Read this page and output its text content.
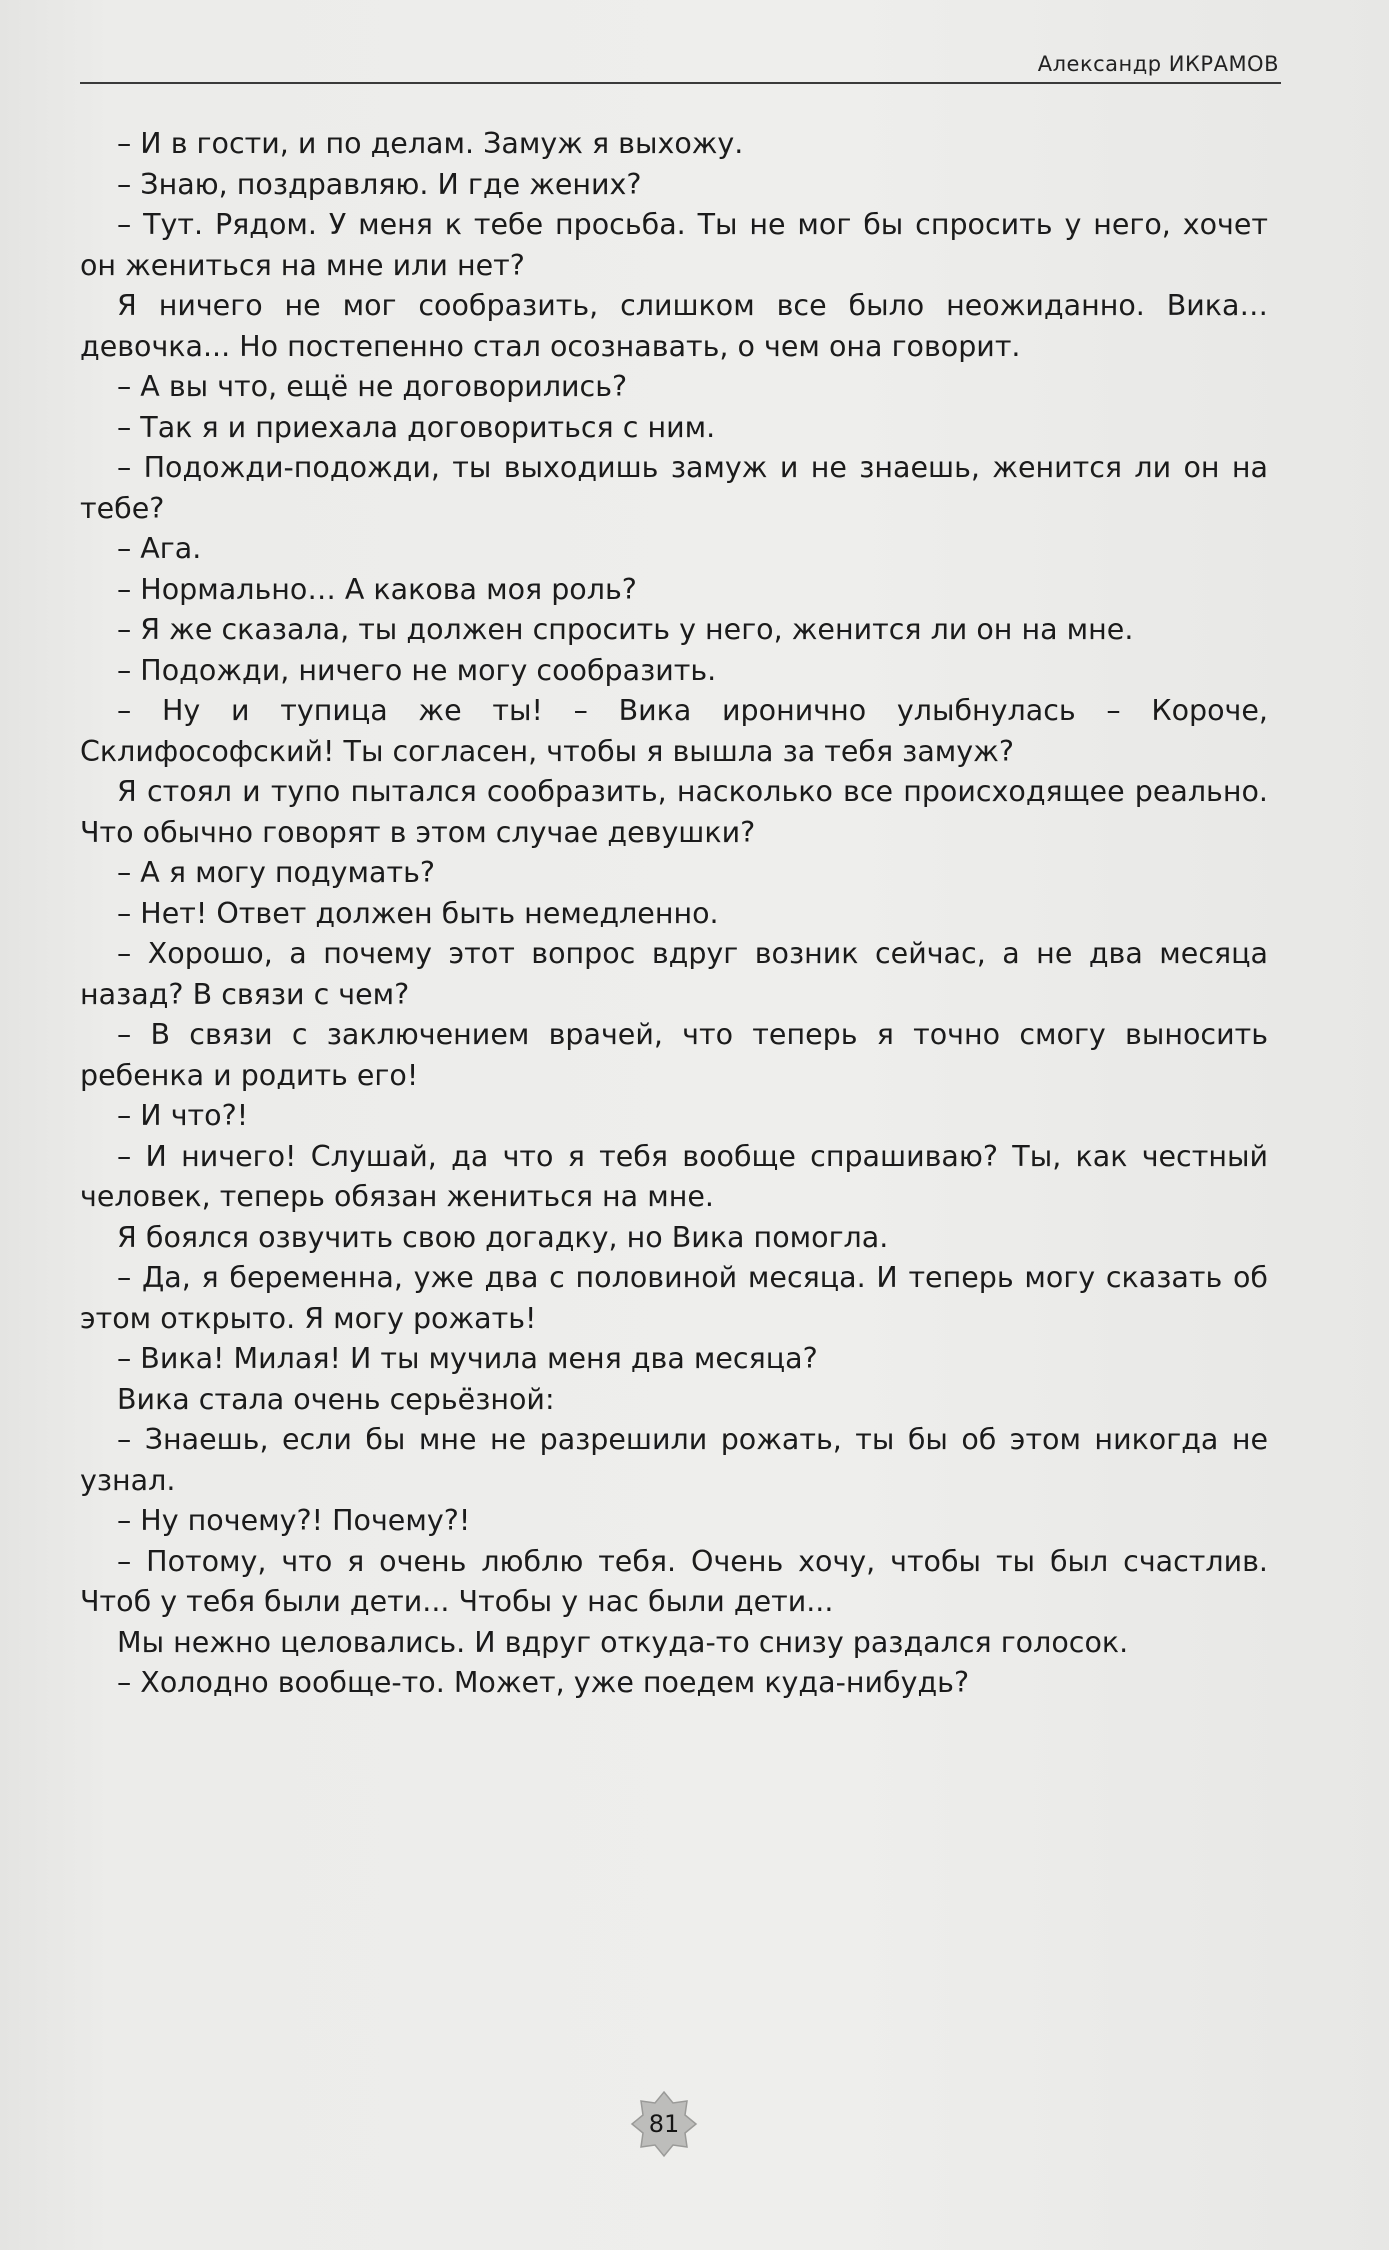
Александр ИКРАМОВ

– И в гости, и по делам. Замуж я выхожу.

– Знаю, поздравляю. И где жених?

– Тут. Рядом. У меня к тебе просьба. Ты не мог бы спросить у него, хочет он жениться на мне или нет?

Я ничего не мог сообразить, слишком все было неожиданно. Вика… девочка... Но постепенно стал осознавать, о чем она говорит.

– А вы что, ещё не договорились?

– Так я и приехала договориться с ним.

– Подожди-подожди, ты выходишь замуж и не знаешь, женится ли он на тебе?

– Ага.

– Нормально… А какова моя роль?

– Я же сказала, ты должен спросить у него, женится ли он на мне.

– Подожди, ничего не могу сообразить.

– Ну и тупица же ты! – Вика иронично улыбнулась – Короче, Склифософский! Ты согласен, чтобы я вышла за тебя замуж?

Я стоял и тупо пытался сообразить, насколько все происходящее реально. Что обычно говорят в этом случае девушки?

– А я могу подумать?

– Нет! Ответ должен быть немедленно.

– Хорошо, а почему этот вопрос вдруг возник сейчас, а не два месяца назад? В связи с чем?

– В связи с заключением врачей, что теперь я точно смогу выносить ребенка и родить его!

– И что?!

– И ничего! Слушай, да что я тебя вообще спрашиваю? Ты, как честный человек, теперь обязан жениться на мне.

Я боялся озвучить свою догадку, но Вика помогла.

– Да, я беременна, уже два с половиной месяца. И теперь могу сказать об этом открыто. Я могу рожать!

– Вика! Милая! И ты мучила меня два месяца?

Вика стала очень серьёзной:

– Знаешь, если бы мне не разрешили рожать, ты бы об этом никогда не узнал.

– Ну почему?! Почему?!

– Потому, что я очень люблю тебя. Очень хочу, чтобы ты был счастлив. Чтоб у тебя были дети... Чтобы у нас были дети...

Мы нежно целовались. И вдруг откуда-то снизу раздался голосок.

– Холодно вообще-то. Может, уже поедем куда-нибудь?

81
